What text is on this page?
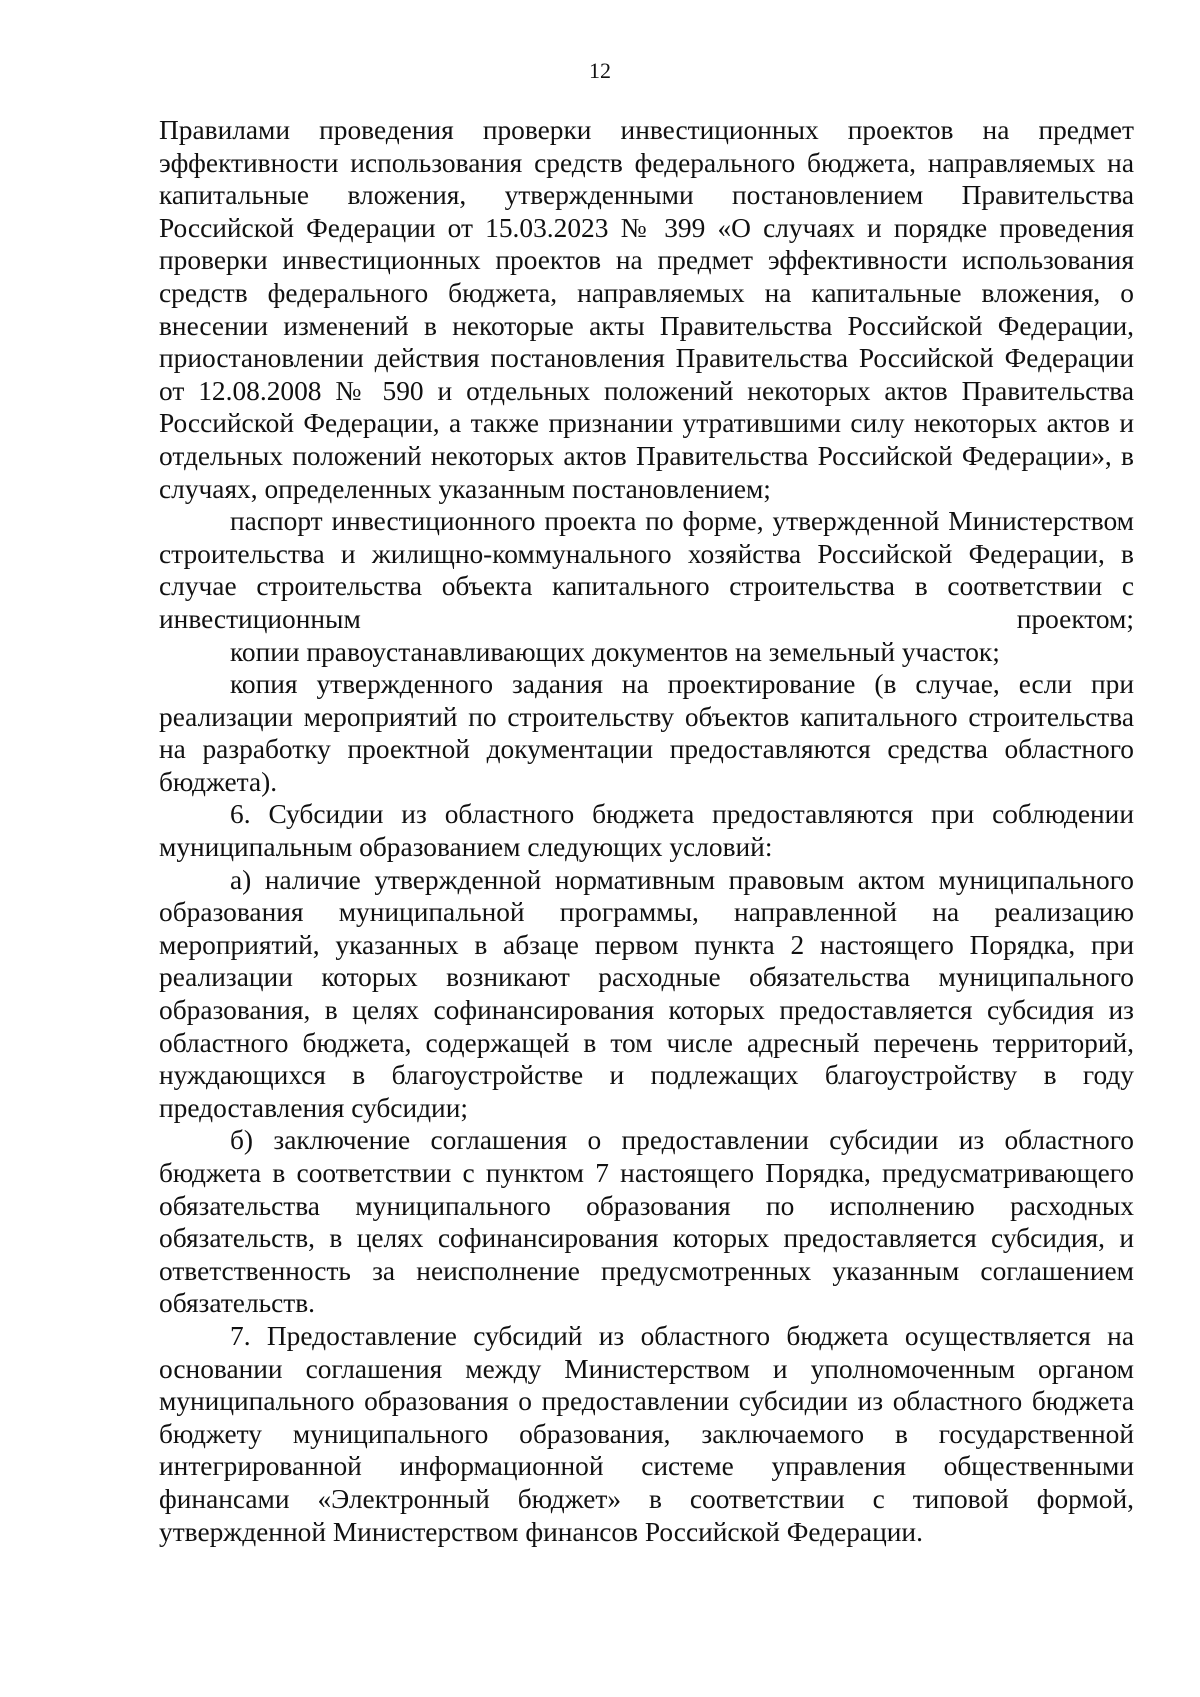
12

Правилами проведения проверки инвестиционных проектов на предмет эффективности использования средств федерального бюджета, направляемых на капитальные вложения, утвержденными постановлением Правительства Российской Федерации от 15.03.2023 № 399 «О случаях и порядке проведения проверки инвестиционных проектов на предмет эффективности использования средств федерального бюджета, направляемых на капитальные вложения, о внесении изменений в некоторые акты Правительства Российской Федерации, приостановлении действия постановления Правительства Российской Федерации от 12.08.2008 № 590 и отдельных положений некоторых актов Правительства Российской Федерации, а также признании утратившими силу некоторых актов и отдельных положений некоторых актов Правительства Российской Федерации», в случаях, определенных указанным постановлением;

паспорт инвестиционного проекта по форме, утвержденной Министерством строительства и жилищно-коммунального хозяйства Российской Федерации, в случае строительства объекта капитального строительства в соответствии с инвестиционным проектом;

копии правоустанавливающих документов на земельный участок;

копия утвержденного задания на проектирование (в случае, если при реализации мероприятий по строительству объектов капитального строительства на разработку проектной документации предоставляются средства областного бюджета).

6. Субсидии из областного бюджета предоставляются при соблюдении муниципальным образованием следующих условий:

а) наличие утвержденной нормативным правовым актом муниципального образования муниципальной программы, направленной на реализацию мероприятий, указанных в абзаце первом пункта 2 настоящего Порядка, при реализации которых возникают расходные обязательства муниципального образования, в целях софинансирования которых предоставляется субсидия из областного бюджета, содержащей в том числе адресный перечень территорий, нуждающихся в благоустройстве и подлежащих благоустройству в году предоставления субсидии;

б) заключение соглашения о предоставлении субсидии из областного бюджета в соответствии с пунктом 7 настоящего Порядка, предусматривающего обязательства муниципального образования по исполнению расходных обязательств, в целях софинансирования которых предоставляется субсидия, и ответственность за неисполнение предусмотренных указанным соглашением обязательств.

7. Предоставление субсидий из областного бюджета осуществляется на основании соглашения между Министерством и уполномоченным органом муниципального образования о предоставлении субсидии из областного бюджета бюджету муниципального образования, заключаемого в государственной интегрированной информационной системе управления общественными финансами «Электронный бюджет» в соответствии с типовой формой, утвержденной Министерством финансов Российской Федерации.
